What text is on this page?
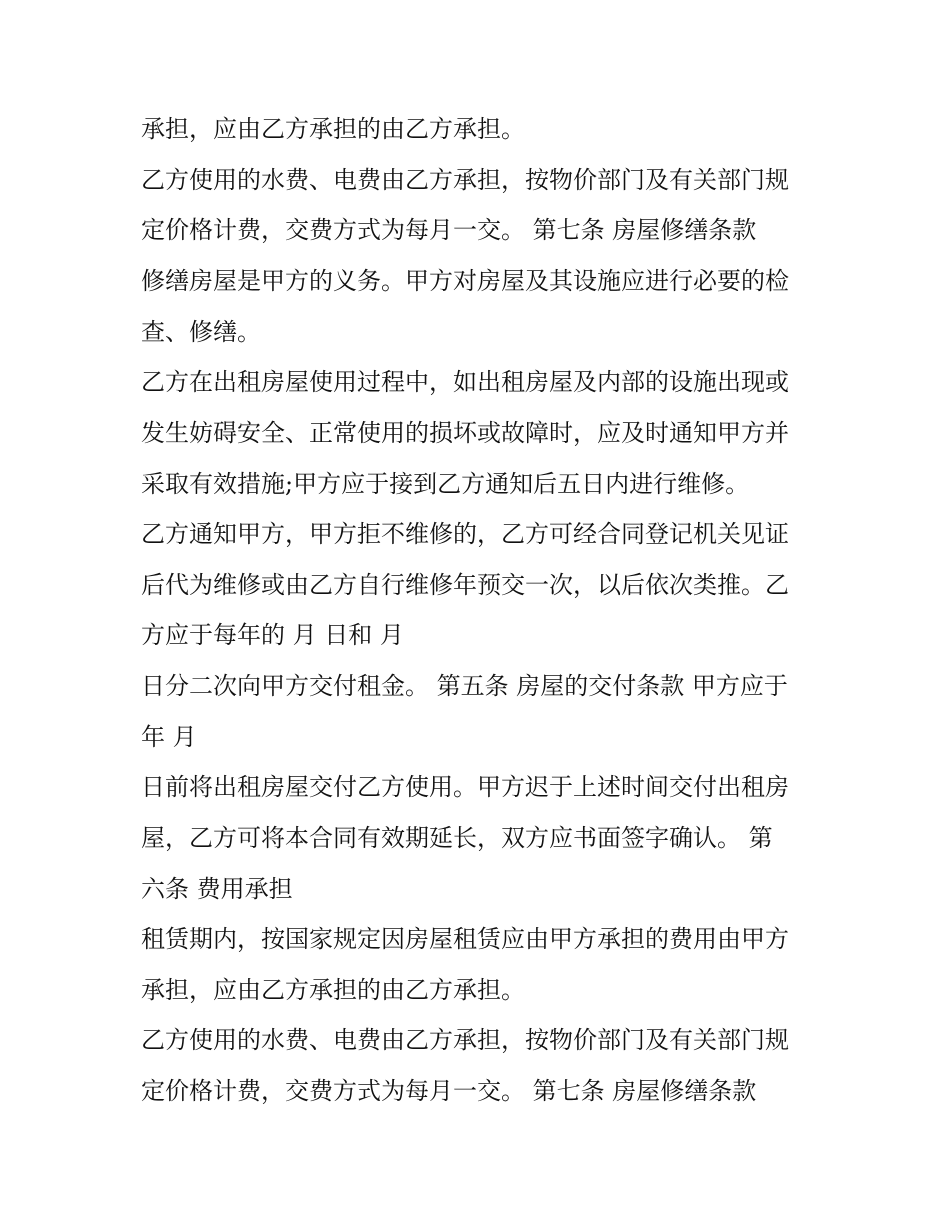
承担，应由乙方承担的由乙方承担。
乙方使用的水费、电费由乙方承担，按物价部门及有关部门规
定价格计费，交费方式为每月一交。 第七条 房屋修缮条款
修缮房屋是甲方的义务。甲方对房屋及其设施应进行必要的检
查、修缮。
乙方在出租房屋使用过程中，如出租房屋及内部的设施出现或
发生妨碍安全、正常使用的损坏或故障时，应及时通知甲方并
采取有效措施;甲方应于接到乙方通知后五日内进行维修。
乙方通知甲方，甲方拒不维修的，乙方可经合同登记机关见证
后代为维修或由乙方自行维修年预交一次，以后依次类推。乙
方应于每年的 月 日和 月
日分二次向甲方交付租金。 第五条 房屋的交付条款 甲方应于
年 月
日前将出租房屋交付乙方使用。甲方迟于上述时间交付出租房
屋，乙方可将本合同有效期延长，双方应书面签字确认。 第
六条 费用承担
租赁期内，按国家规定因房屋租赁应由甲方承担的费用由甲方
承担，应由乙方承担的由乙方承担。
乙方使用的水费、电费由乙方承担，按物价部门及有关部门规
定价格计费，交费方式为每月一交。 第七条 房屋修缮条款
